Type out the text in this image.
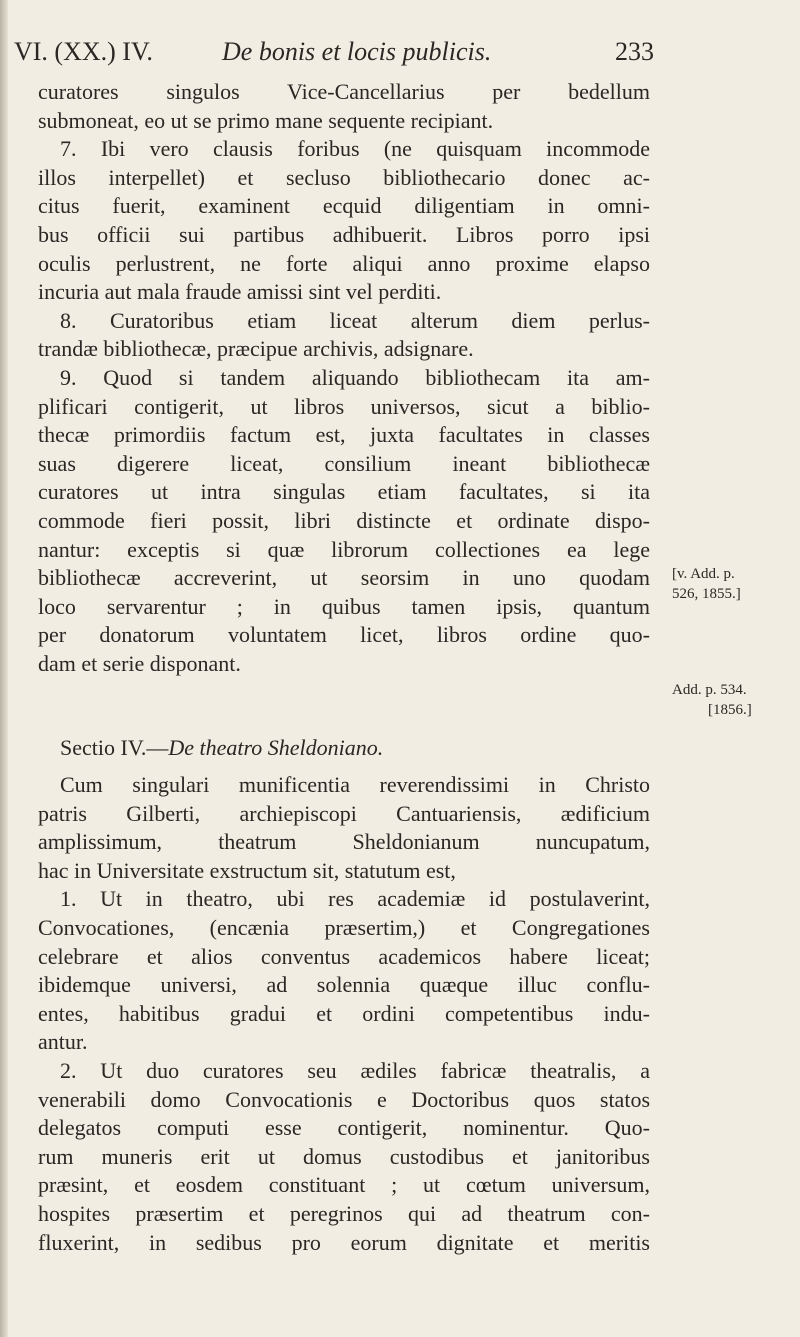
VI. (XX.) IV.	De bonis et locis publicis.	233
curatores singulos Vice-Cancellarius per bedellum
submoneat, eo ut se primo mane sequente recipiant.
7. Ibi vero clausis foribus (ne quisquam incommode
illos interpellet) et secluso bibliothecario donec ac-
citus fuerit, examinent ecquid diligentiam in omni-
bus officii sui partibus adhibuerit. Libros porro ipsi
oculis perlustrent, ne forte aliqui anno proxime elapso
incuria aut mala fraude amissi sint vel perditi.
8. Curatoribus etiam liceat alterum diem perlus-
trandæ bibliothecæ, præcipue archivis, adsignare.
9. Quod si tandem aliquando bibliothecam ita am-
plificari contigerit, ut libros universos, sicut a biblio-
thecæ primordiis factum est, juxta facultates in classes
suas digerere liceat, consilium ineant bibliothecæ
curatores ut intra singulas etiam facultates, si ita
commode fieri possit, libri distincte et ordinate dispo-
nantur: exceptis si quæ librorum collectiones ea lege
bibliothecæ accreverint, ut seorsim in uno quodam
loco servarentur ; in quibus tamen ipsis, quantum
per donatorum voluntatem licet, libros ordine quo-
dam et serie disponant.
Sectio IV.—De theatro Sheldoniano.
Cum singulari munificentia reverendissimi in Christo
patris Gilberti, archiepiscopi Cantuariensis, ædificium
amplissimum, theatrum Sheldonianum nuncupatum,
hac in Universitate exstructum sit, statutum est,
1. Ut in theatro, ubi res academiæ id postulaverint,
Convocationes, (encænia præsertim,) et Congregationes
celebrare et alios conventus academicos habere liceat;
ibidemque universi, ad solennia quæque illuc conflu-
entes, habitibus gradui et ordini competentibus indu-
antur.
2. Ut duo curatores seu ædiles fabricæ theatralis, a
venerabili domo Convocationis e Doctoribus quos statos
delegatos computi esse contigerit, nominentur. Quo-
rum muneris erit ut domus custodibus et janitoribus
præsint, et eosdem constituant ; ut cœtum universum,
hospites præsertim et peregrinos qui ad theatrum con-
fluxerint, in sedibus pro eorum dignitate et meritis
[v. Add. p.
526, 1855.]
Add. p. 534.
[1856.]
